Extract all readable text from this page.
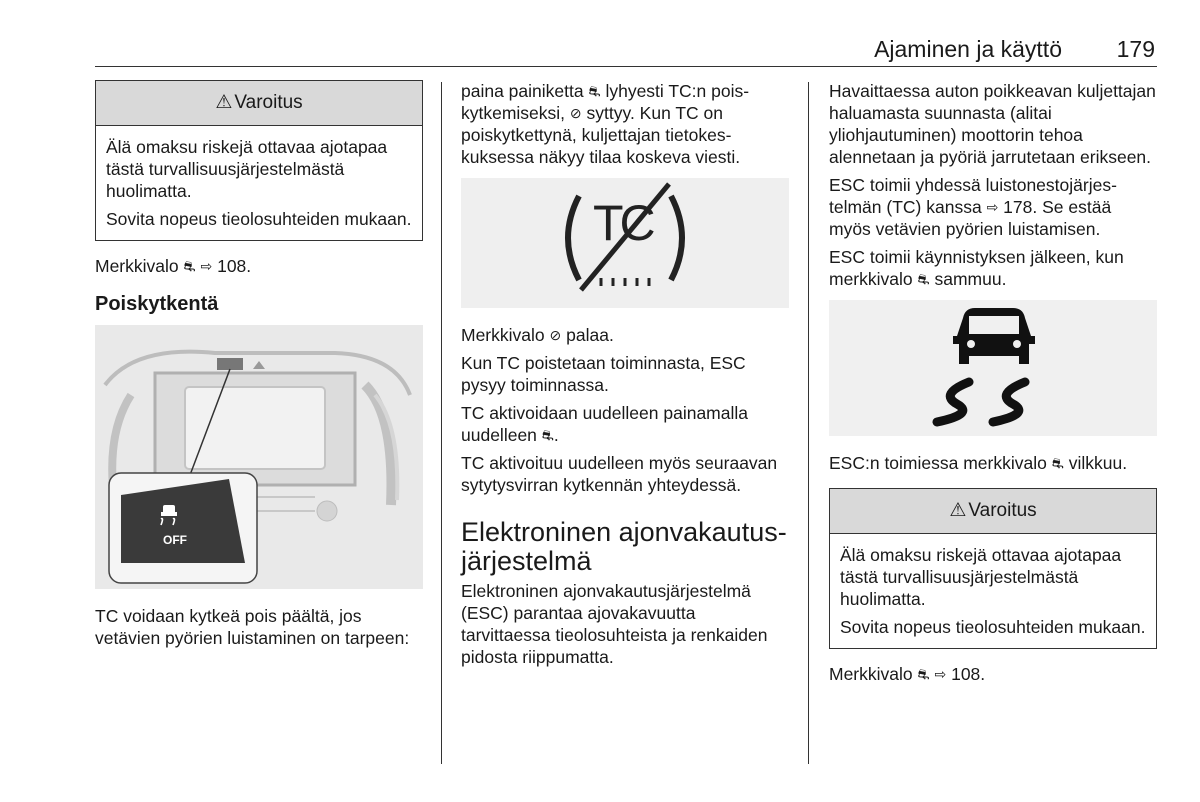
Ajaminen ja käyttö 179
⚠ Varoitus

Älä omaksu riskejä ottavaa ajotapaa tästä turvallisuusjärjestelmästä huolimatta.

Sovita nopeus tieolosuhteiden mukaan.

Merkkivalo ⛐ ⇨ 108.

Poiskytkentä
OFF

TC voidaan kytkeä pois päältä, jos vetävien pyörien luistaminen on tarpeen:

paina painiketta ⛐ lyhyesti TC:n poiskytkemiseksi, ⊘ syttyy. Kun TC on poiskytkettynä, kuljettajan tietokeskuksessa näkyy tilaa koskeva viesti.

TC

Merkkivalo ⊘ palaa.

Kun TC poistetaan toiminnasta, ESC pysyy toiminnassa.

TC aktivoidaan uudelleen painamalla uudelleen ⛐.

TC aktivoituu uudelleen myös seuraavan sytytysvirran kytkennän yhteydessä.

Elektroninen ajonvakautusjärjestelmä

Elektroninen ajonvakautusjärjestelmä (ESC) parantaa ajovakavuutta tarvittaessa tieolosuhteista ja renkaiden pidosta riippumatta.

Havaittaessa auton poikkeavan kuljettajan haluamasta suunnasta (alitai yliohjautuminen) moottorin tehoa alennetaan ja pyöriä jarrutetaan erikseen.

ESC toimii yhdessä luistonestojärjestelmän (TC) kanssa ⇨ 178. Se estää myös vetävien pyörien luistamisen.

ESC toimii käynnistyksen jälkeen, kun merkkivalo ⛐ sammuu.

ESC:n toimiessa merkkivalo ⛐ vilkkuu.

⚠ Varoitus

Älä omaksu riskejä ottavaa ajotapaa tästä turvallisuusjärjestelmästä huolimatta.

Sovita nopeus tieolosuhteiden mukaan.

Merkkivalo ⛐ ⇨ 108.
